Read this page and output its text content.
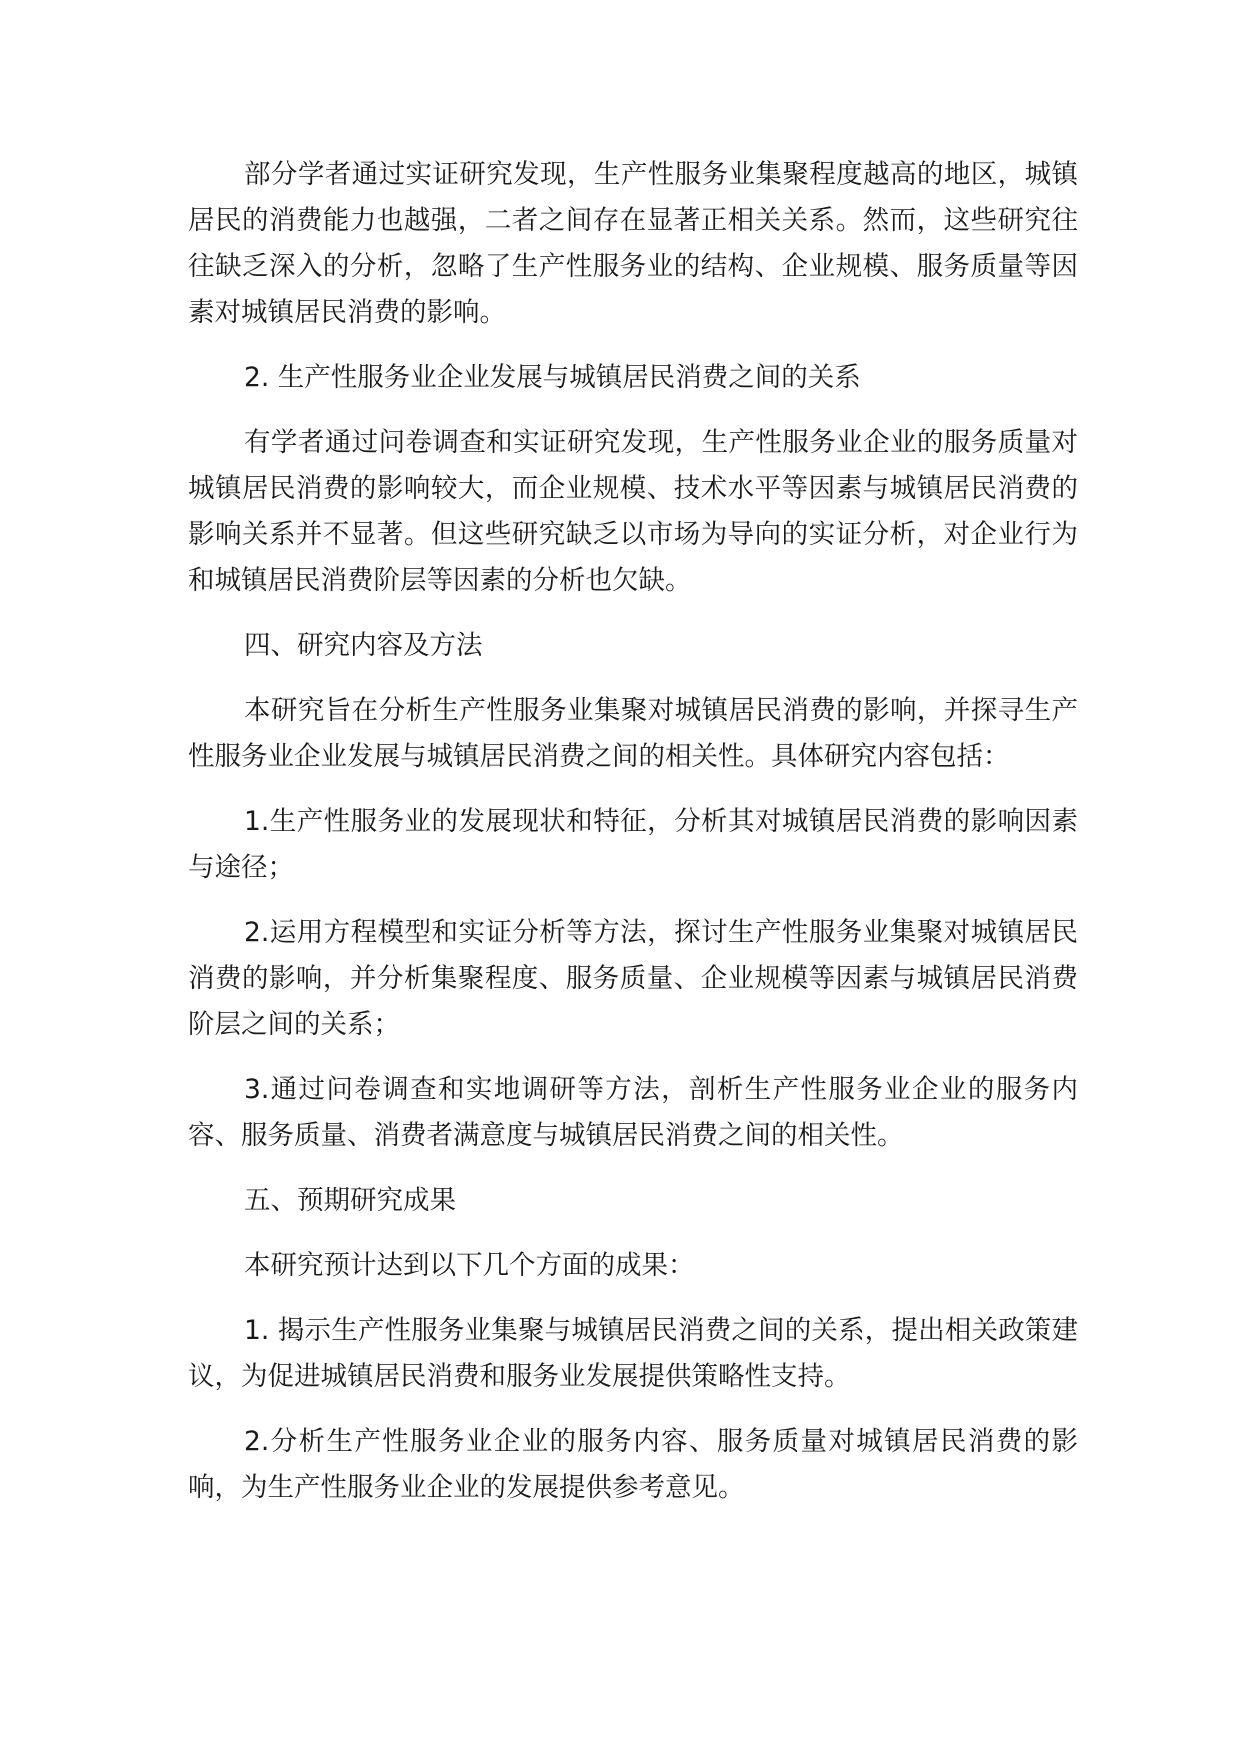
部分学者通过实证研究发现，生产性服务业集聚程度越高的地区，城镇居民的消费能力也越强，二者之间存在显著正相关关系。然而，这些研究往往缺乏深入的分析，忽略了生产性服务业的结构、企业规模、服务质量等因素对城镇居民消费的影响。

2. 生产性服务业企业发展与城镇居民消费之间的关系

有学者通过问卷调查和实证研究发现，生产性服务业企业的服务质量对城镇居民消费的影响较大，而企业规模、技术水平等因素与城镇居民消费的影响关系并不显著。但这些研究缺乏以市场为导向的实证分析，对企业行为和城镇居民消费阶层等因素的分析也欠缺。

四、研究内容及方法

本研究旨在分析生产性服务业集聚对城镇居民消费的影响，并探寻生产性服务业企业发展与城镇居民消费之间的相关性。具体研究内容包括：

1.生产性服务业的发展现状和特征，分析其对城镇居民消费的影响因素与途径；

2.运用方程模型和实证分析等方法，探讨生产性服务业集聚对城镇居民消费的影响，并分析集聚程度、服务质量、企业规模等因素与城镇居民消费阶层之间的关系；

3.通过问卷调查和实地调研等方法，剖析生产性服务业企业的服务内容、服务质量、消费者满意度与城镇居民消费之间的相关性。

五、预期研究成果

本研究预计达到以下几个方面的成果：

1. 揭示生产性服务业集聚与城镇居民消费之间的关系，提出相关政策建议，为促进城镇居民消费和服务业发展提供策略性支持。

2.分析生产性服务业企业的服务内容、服务质量对城镇居民消费的影响，为生产性服务业企业的发展提供参考意见。
